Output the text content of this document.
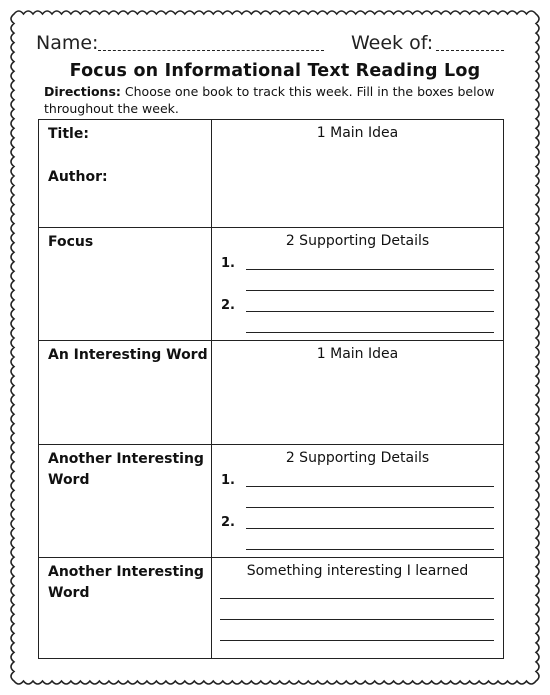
Name:	Week of:
Focus on Informational Text Reading Log
Directions: Choose one book to track this week. Fill in the boxes below throughout the week.
Title:
Author:	1 Main Idea

Focus	2 Supporting Details
1.
2.

An Interesting Word	1 Main Idea

Another Interesting Word	2 Supporting Details
1.
2.

Another Interesting Word	Something interesting I learned
